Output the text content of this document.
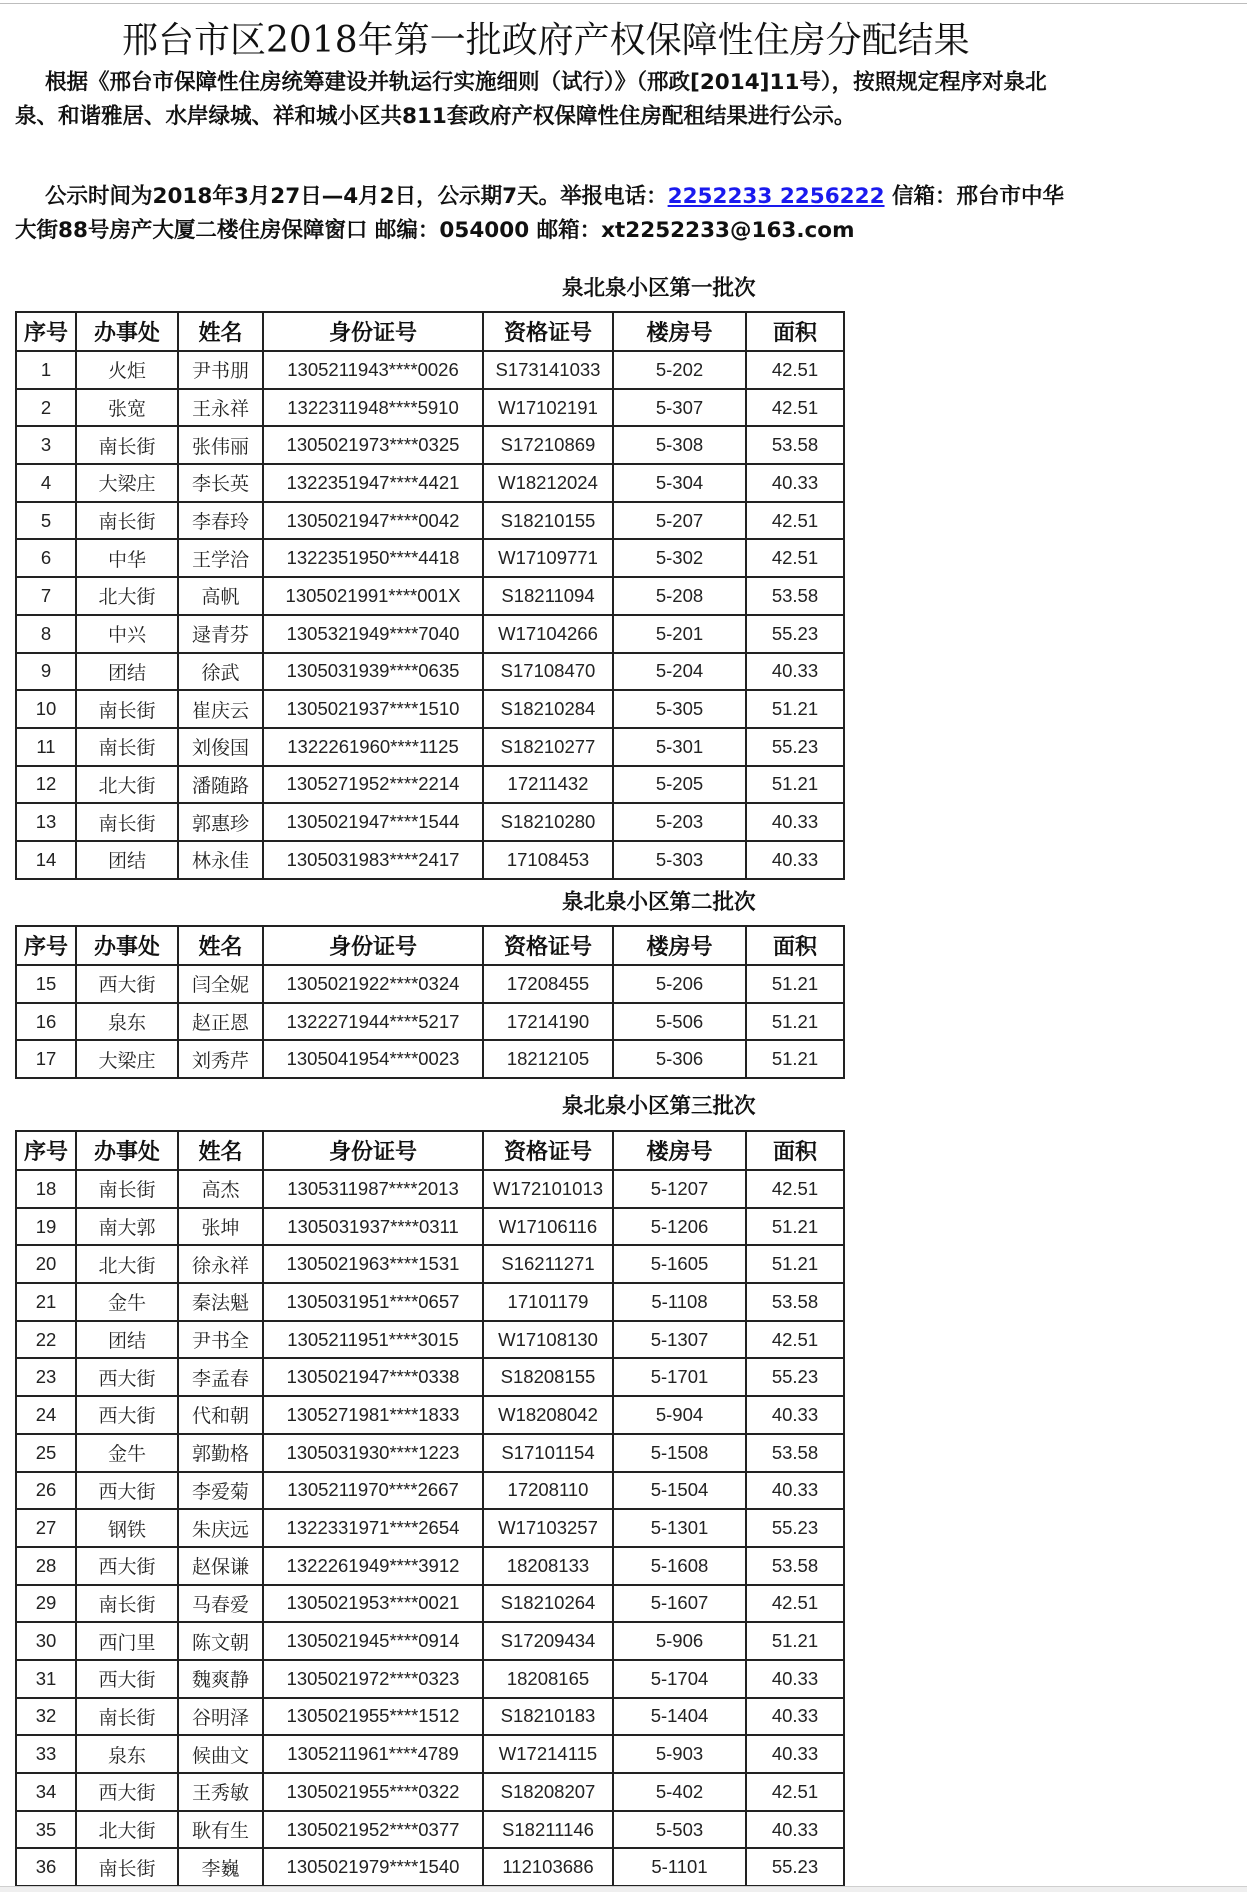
邢台市区2018年第一批政府产权保障性住房分配结果
根据《邢台市保障性住房统筹建设并轨运行实施细则（试行）》（邢政[2014]11号），按照规定程序对泉北泉、和谐雅居、水岸绿城、祥和城小区共811套政府产权保障性住房配租结果进行公示。
公示时间为2018年3月27日—4月2日，公示期7天。举报电话：2252233 2256222 信箱：邢台市中华大街88号房产大厦二楼住房保障窗口 邮编：054000 邮箱：xt2252233@163.com
泉北泉小区第一批次
序号	办事处	姓名	身份证号	资格证号	楼房号	面积
1	火炬	尹书朋	1305211943****0026	S173141033	5-202	42.51
2	张宽	王永祥	1322311948****5910	W17102191	5-307	42.51
3	南长街	张伟丽	1305021973****0325	S17210869	5-308	53.58
4	大梁庄	李长英	1322351947****4421	W18212024	5-304	40.33
5	南长街	李春玲	1305021947****0042	S18210155	5-207	42.51
6	中华	王学洽	1322351950****4418	W17109771	5-302	42.51
7	北大街	高帆	1305021991****001X	S18211094	5-208	53.58
8	中兴	逯青芬	1305321949****7040	W17104266	5-201	55.23
9	团结	徐武	1305031939****0635	S17108470	5-204	40.33
10	南长街	崔庆云	1305021937****1510	S18210284	5-305	51.21
11	南长街	刘俊国	1322261960****1125	S18210277	5-301	55.23
12	北大街	潘随路	1305271952****2214	17211432	5-205	51.21
13	南长街	郭惠珍	1305021947****1544	S18210280	5-203	40.33
14	团结	林永佳	1305031983****2417	17108453	5-303	40.33
泉北泉小区第二批次
序号	办事处	姓名	身份证号	资格证号	楼房号	面积
15	西大街	闫全妮	1305021922****0324	17208455	5-206	51.21
16	泉东	赵正恩	1322271944****5217	17214190	5-506	51.21
17	大梁庄	刘秀芹	1305041954****0023	18212105	5-306	51.21
泉北泉小区第三批次
序号	办事处	姓名	身份证号	资格证号	楼房号	面积
18	南长街	高杰	1305311987****2013	W172101013	5-1207	42.51
19	南大郭	张坤	1305031937****0311	W17106116	5-1206	51.21
20	北大街	徐永祥	1305021963****1531	S16211271	5-1605	51.21
21	金牛	秦法魁	1305031951****0657	17101179	5-1108	53.58
22	团结	尹书全	1305211951****3015	W17108130	5-1307	42.51
23	西大街	李孟春	1305021947****0338	S18208155	5-1701	55.23
24	西大街	代和朝	1305271981****1833	W18208042	5-904	40.33
25	金牛	郭勤格	1305031930****1223	S17101154	5-1508	53.58
26	西大街	李爱菊	1305211970****2667	17208110	5-1504	40.33
27	钢铁	朱庆远	1322331971****2654	W17103257	5-1301	55.23
28	西大街	赵保谦	1322261949****3912	18208133	5-1608	53.58
29	南长街	马春爱	1305021953****0021	S18210264	5-1607	42.51
30	西门里	陈文朝	1305021945****0914	S17209434	5-906	51.21
31	西大街	魏爽静	1305021972****0323	18208165	5-1704	40.33
32	南长街	谷明泽	1305021955****1512	S18210183	5-1404	40.33
33	泉东	候曲文	1305211961****4789	W17214115	5-903	40.33
34	西大街	王秀敏	1305021955****0322	S18208207	5-402	42.51
35	北大街	耿有生	1305021952****0377	S18211146	5-503	40.33
36	南长街	李巍	1305021979****1540	112103686	5-1101	55.23
